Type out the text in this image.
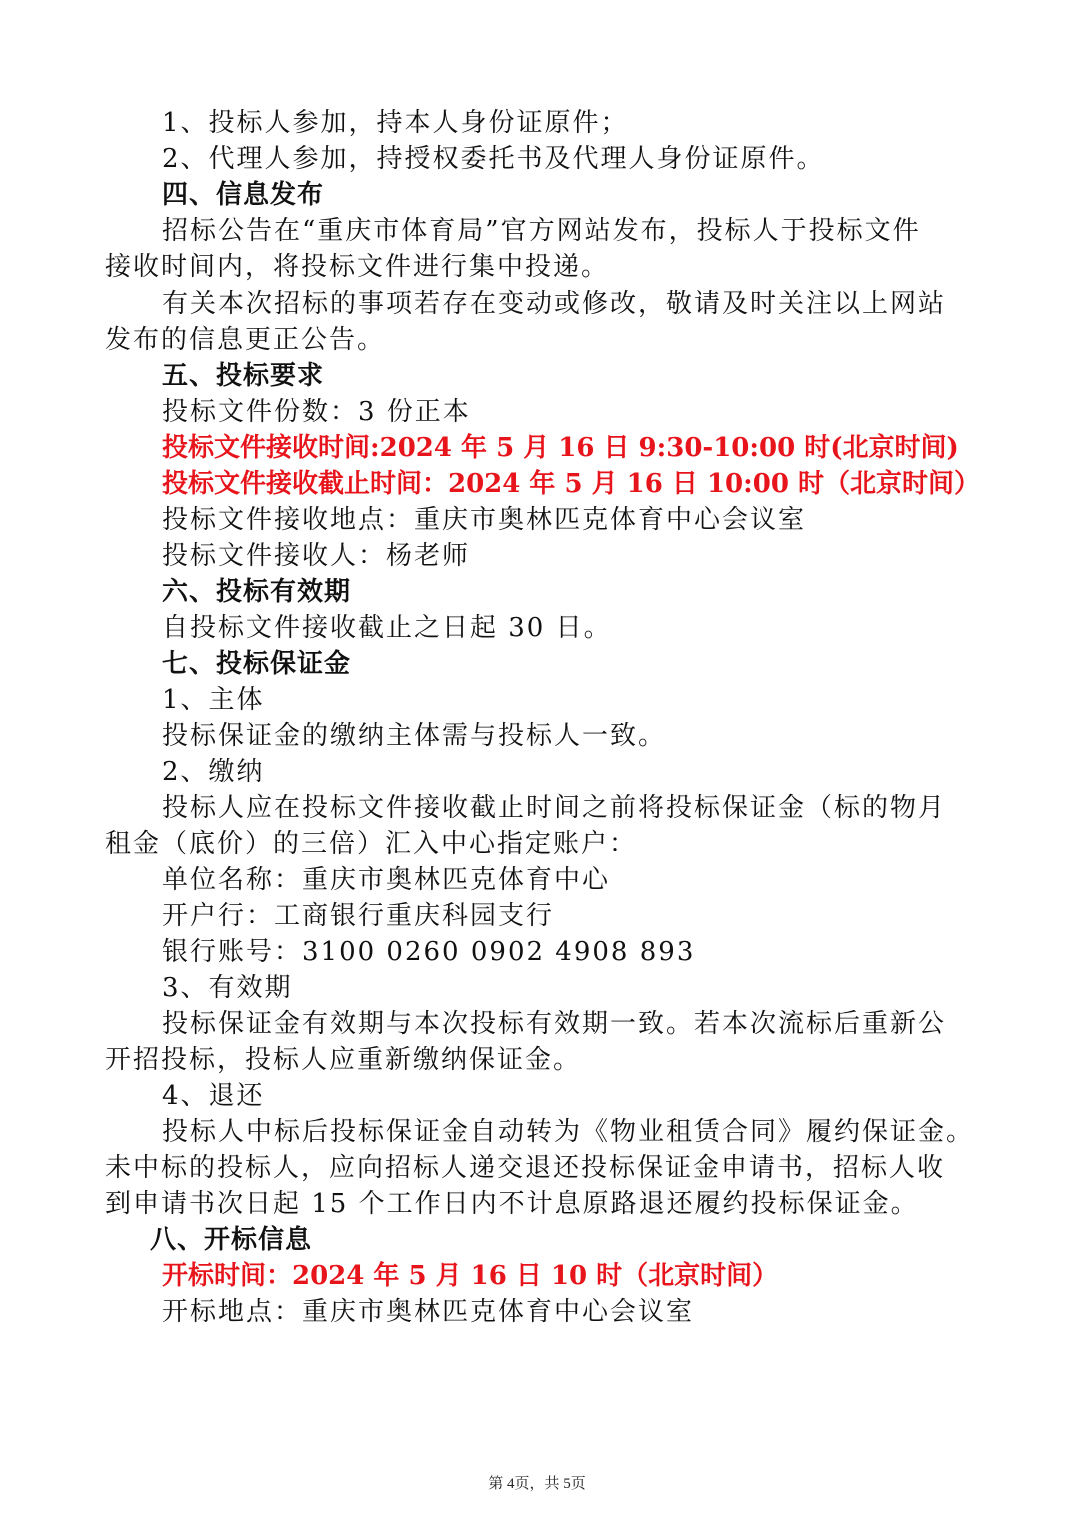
1、投标人参加，持本人身份证原件；
2、代理人参加，持授权委托书及代理人身份证原件。
四、信息发布
招标公告在“重庆市体育局”官方网站发布，投标人于投标文件
接收时间内，将投标文件进行集中投递。
有关本次招标的事项若存在变动或修改，敬请及时关注以上网站
发布的信息更正公告。
五、投标要求
投标文件份数：3 份正本
投标文件接收时间:2024 年 5 月 16 日 9:30-10:00 时(北京时间)
投标文件接收截止时间：2024 年 5 月 16 日 10:00 时（北京时间）
投标文件接收地点：重庆市奥林匹克体育中心会议室
投标文件接收人：杨老师
六、投标有效期
自投标文件接收截止之日起 30 日。
七、投标保证金
1、主体
投标保证金的缴纳主体需与投标人一致。
2、缴纳
投标人应在投标文件接收截止时间之前将投标保证金（标的物月
租金（底价）的三倍）汇入中心指定账户：
单位名称：重庆市奥林匹克体育中心
开户行：工商银行重庆科园支行
银行账号：3100 0260 0902 4908 893
3、有效期
投标保证金有效期与本次投标有效期一致。若本次流标后重新公
开招投标，投标人应重新缴纳保证金。
4、退还
投标人中标后投标保证金自动转为《物业租赁合同》履约保证金。
未中标的投标人，应向招标人递交退还投标保证金申请书，招标人收
到申请书次日起 15 个工作日内不计息原路退还履约投标保证金。
八、开标信息
开标时间：2024 年 5 月 16 日 10 时（北京时间）
开标地点：重庆市奥林匹克体育中心会议室
第 4页，共 5页
